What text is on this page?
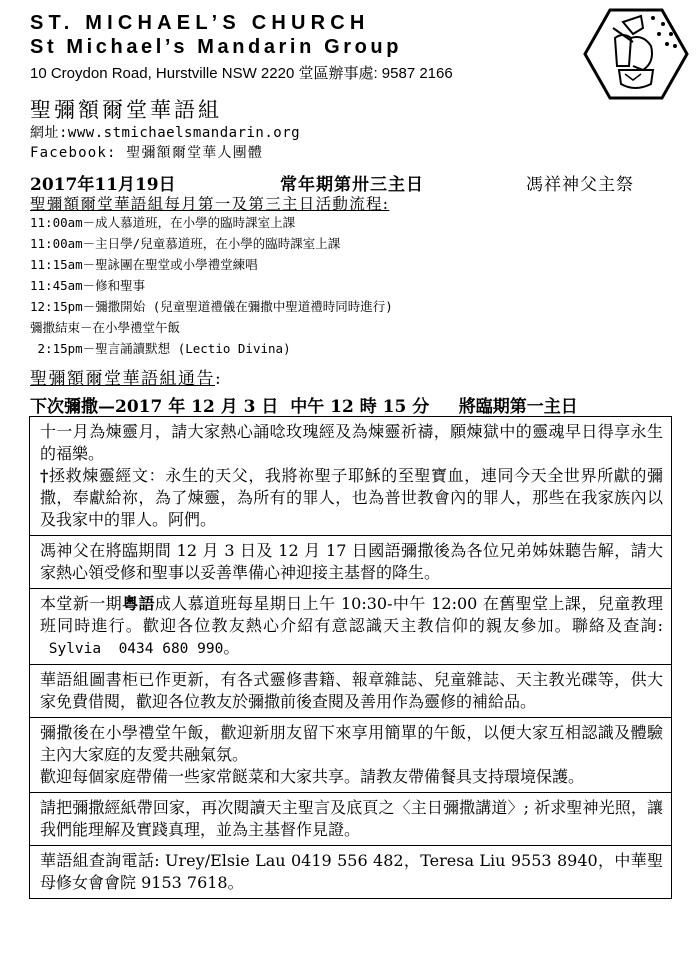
ST. MICHAEL’S CHURCH
St Michael’s Mandarin Group
10 Croydon Road, Hurstville NSW 2220 堂區辦事處: 9587 2166
聖彌額爾堂華語組
網址:www.stmichaelsmandarin.org
Facebook: 聖彌額爾堂華人團體
2017年11月19日	常年期第卅三主日	馮祥神父主祭
聖彌額爾堂華語組每月第一及第三主日活動流程:
11:00am－成人慕道班，在小學的臨時課室上課
11:00am－主日學/兒童慕道班，在小學的臨時課室上課
11:15am－聖詠團在聖堂或小學禮堂練唱
11:45am－修和聖事
12:15pm－彌撒開始 (兒童聖道禮儀在彌撒中聖道禮時同時進行)
彌撒結束－在小學禮堂午飯
2:15pm－聖言誦讀默想 (Lectio Divina)
聖彌額爾堂華語組通告:
下次彌撒—2017 年 12 月 3 日  中午 12 時 15 分     將臨期第一主日
十一月為煉靈月，請大家熱心誦唸玫瑰經及為煉靈祈禱，願煉獄中的靈魂早日得享永生的福樂。
†拯救煉靈經文：永生的天父，我將祢聖子耶穌的至聖寶血，連同今天全世界所獻的彌撒，奉獻給祢，為了煉靈，為所有的罪人，也為普世教會內的罪人，那些在我家族內以及我家中的罪人。阿們。
馮神父在將臨期間 12 月 3 日及 12 月 17 日國語彌撒後為各位兄弟姊妹聽告解，請大家熱心領受修和聖事以妥善準備心神迎接主基督的降生。
本堂新一期粵語成人慕道班每星期日上午 10:30-中午 12:00 在舊聖堂上課，兒童教理班同時進行。歡迎各位教友熱心介紹有意認識天主教信仰的親友參加。聯絡及查詢: Sylvia  0434 680 990。
華語組圖書柜已作更新，有各式靈修書籍、報章雜誌、兒童雜誌、天主教光碟等，供大家免費借閱，歡迎各位教友於彌撒前後查閱及善用作為靈修的補給品。
彌撒後在小學禮堂午飯，歡迎新朋友留下來享用簡單的午飯，以便大家互相認識及體驗主內大家庭的友愛共融氣氛。
歡迎每個家庭帶備一些家常餸菜和大家共享。請教友帶備餐具支持環境保護。
請把彌撒經紙帶回家，再次閱讀天主聖言及底頁之〈主日彌撒講道〉; 祈求聖神光照，讓我們能理解及實踐真理，並為主基督作見證。
華語組查詢電話: Urey/Elsie Lau 0419 556 482，Teresa Liu 9553 8940，中華聖母修女會會院 9153 7618。
